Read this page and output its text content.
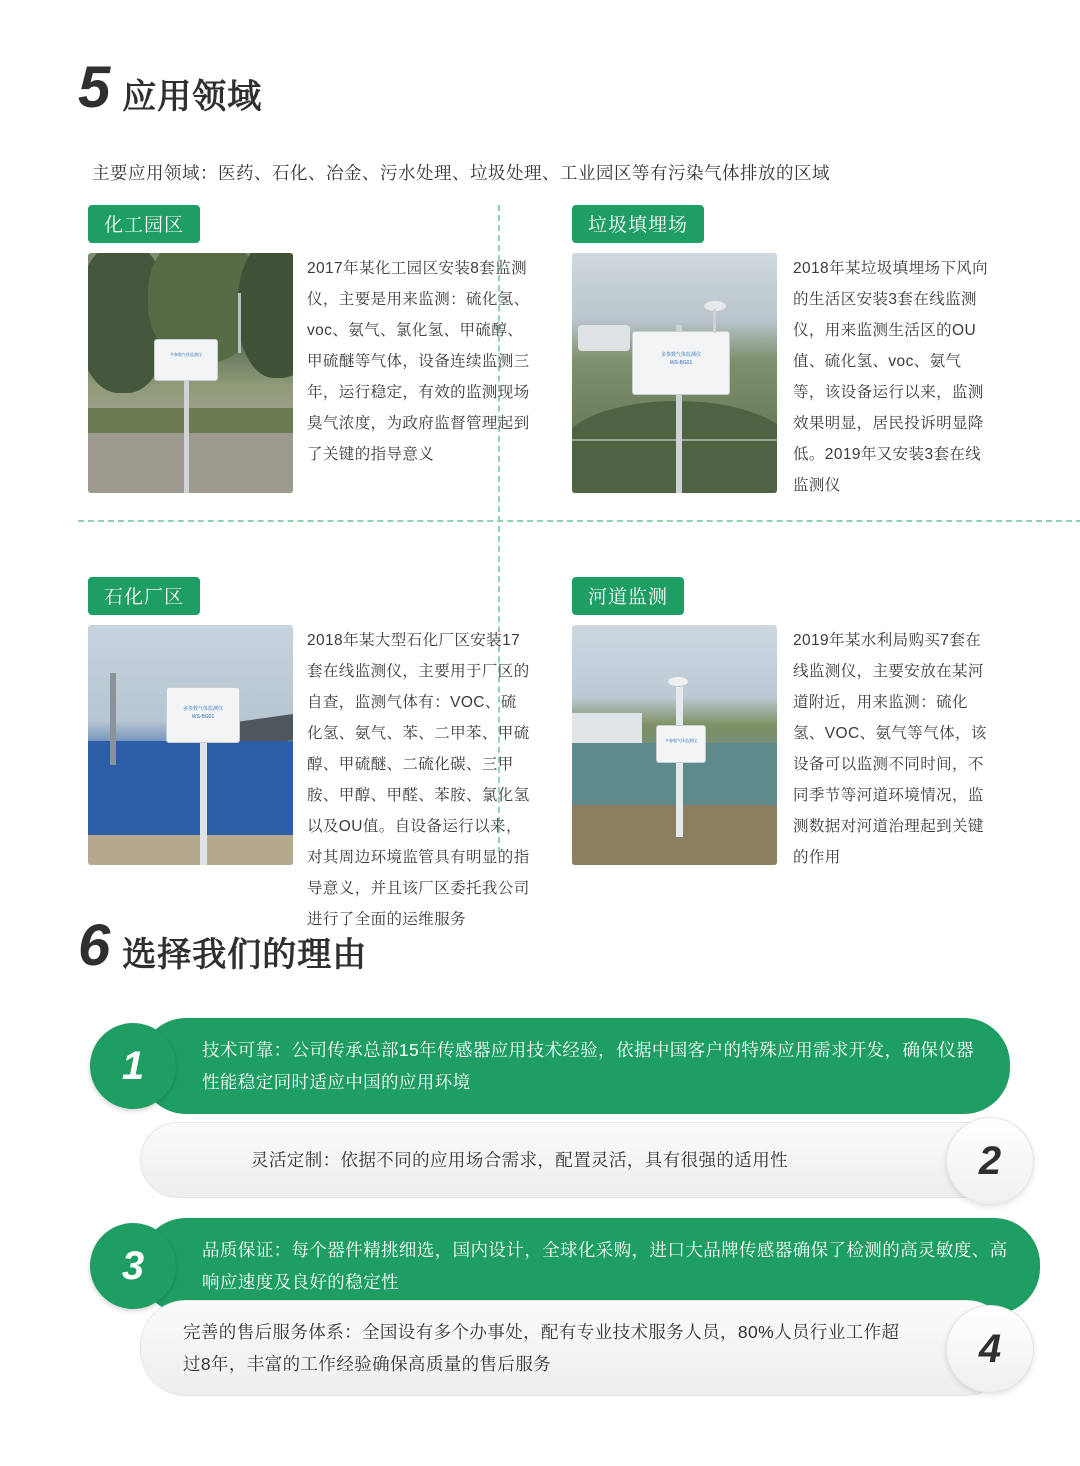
5 应用领域
主要应用领域：医药、石化、冶金、污水处理、垃圾处理、工业园区等有污染气体排放的区域
化工园区
多参数气体监测仪
2017年某化工园区安装8套监测仪，主要是用来监测：硫化氢、voc、氨气、氯化氢、甲硫醇、甲硫醚等气体，设备连续监测三年，运行稳定，有效的监测现场臭气浓度，为政府监督管理起到了关键的指导意义
垃圾填埋场
多参数气体监测仪
WS-BG01
2018年某垃圾填埋场下风向的生活区安装3套在线监测仪，用来监测生活区的OU值、硫化氢、voc、氨气等，该设备运行以来，监测效果明显，居民投诉明显降低。2019年又安装3套在线监测仪
石化厂区
多参数气体监测仪
WS-BG01
2018年某大型石化厂区安装17套在线监测仪，主要用于厂区的自查，监测气体有：VOC、硫化氢、氨气、苯、二甲苯、甲硫醇、甲硫醚、二硫化碳、三甲胺、甲醇、甲醛、苯胺、氯化氢以及OU值。自设备运行以来，对其周边环境监管具有明显的指导意义，并且该厂区委托我公司进行了全面的运维服务
河道监测
多参数气体监测仪
2019年某水利局购买7套在线监测仪，主要安放在某河道附近，用来监测：硫化氢、VOC、氨气等气体，该设备可以监测不同时间，不同季节等河道环境情况，监测数据对河道治理起到关键的作用
6 选择我们的理由
技术可靠：公司传承总部15年传感器应用技术经验，依据中国客户的特殊应用需求开发，确保仪器性能稳定同时适应中国的应用环境
1
灵活定制：依据不同的应用场合需求，配置灵活，具有很强的适用性	2
品质保证：每个器件精挑细选，国内设计，全球化采购，进口大品牌传感器确保了检测的高灵敏度、高响应速度及良好的稳定性
3
完善的售后服务体系：全国设有多个办事处，配有专业技术服务人员，80%人员行业工作超过8年，丰富的工作经验确保高质量的售后服务	4
